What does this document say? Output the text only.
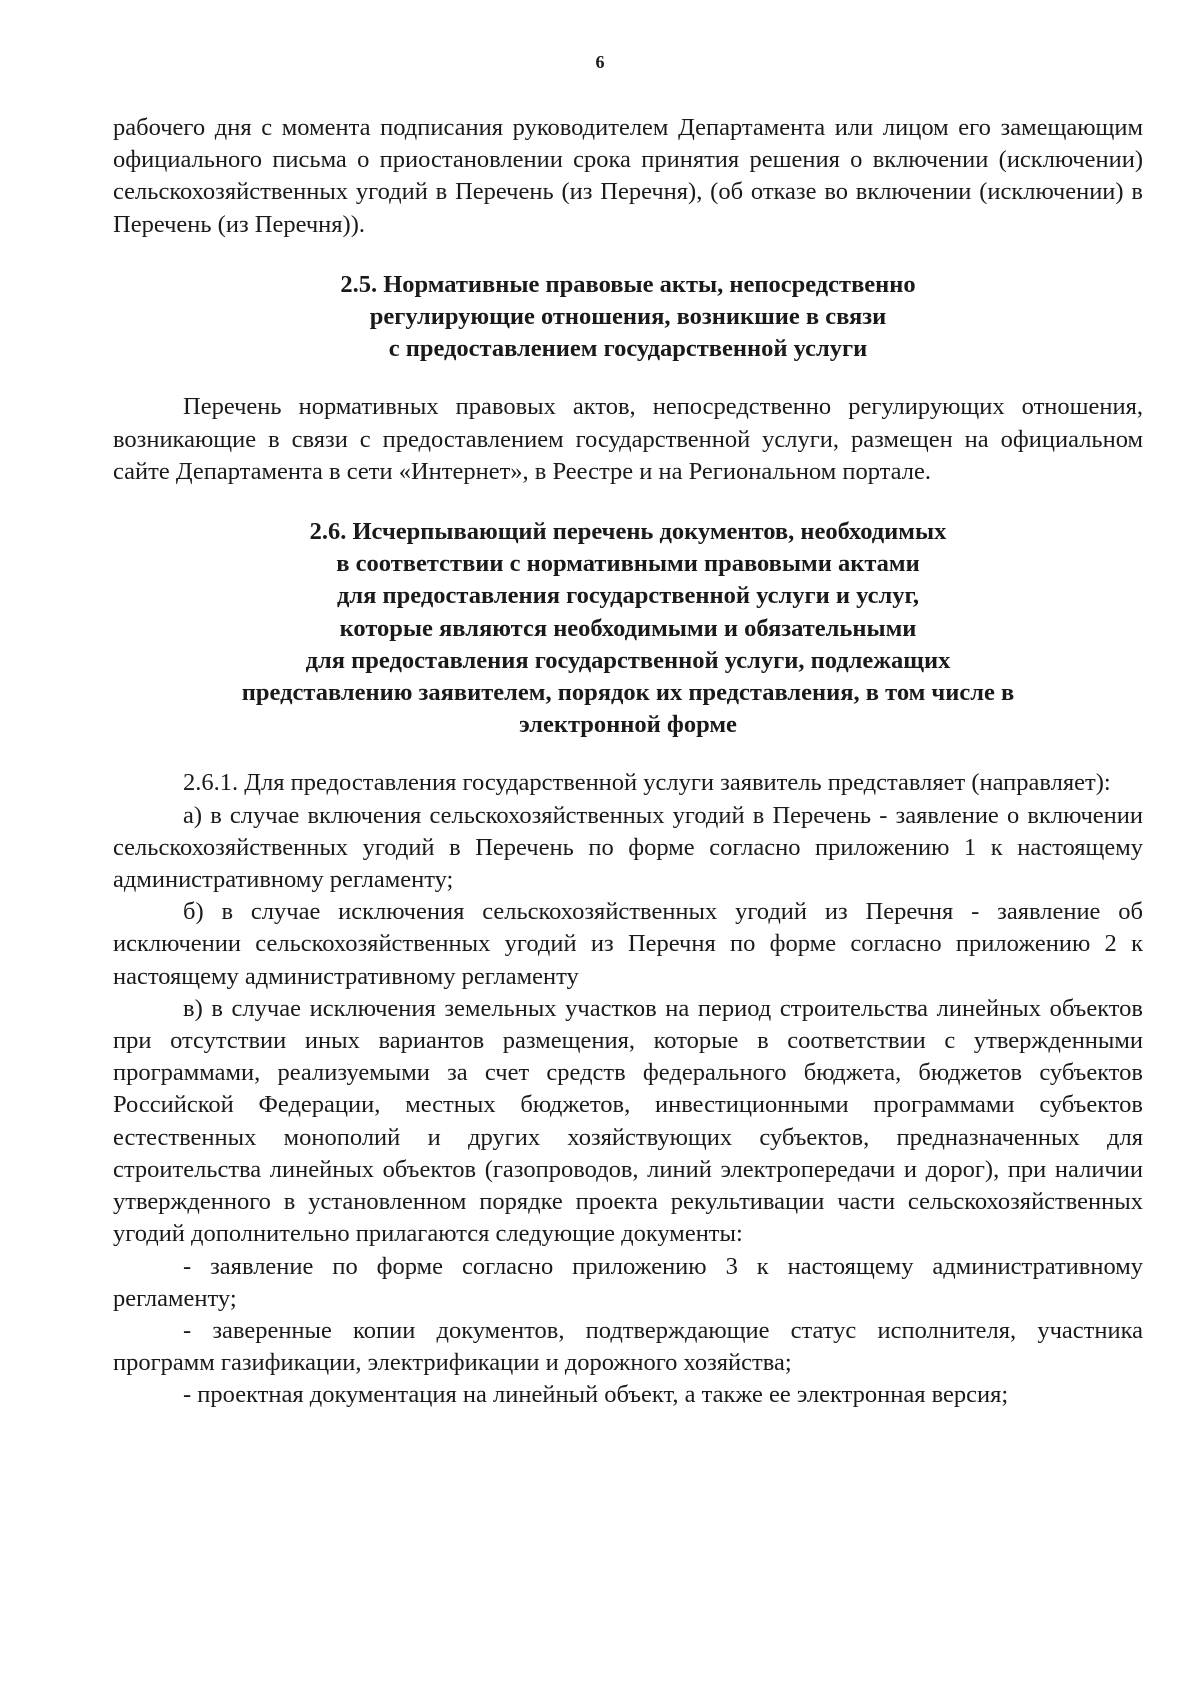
6

рабочего дня с момента подписания руководителем Департамента или лицом его замещающим официального письма о приостановлении срока принятия решения о включении (исключении) сельскохозяйственных угодий в Перечень (из Перечня), (об отказе во включении (исключении) в Перечень (из Перечня)).

2.5. Нормативные правовые акты, непосредственно
регулирующие отношения, возникшие в связи
с предоставлением государственной услуги

Перечень нормативных правовых актов, непосредственно регулирующих отношения, возникающие в связи с предоставлением государственной услуги, размещен на официальном сайте Департамента в сети «Интернет», в Реестре и на Региональном портале.

2.6. Исчерпывающий перечень документов, необходимых
в соответствии с нормативными правовыми актами
для предоставления государственной услуги и услуг,
которые являются необходимыми и обязательными
для предоставления государственной услуги, подлежащих
представлению заявителем, порядок их представления, в том числе в
электронной форме

2.6.1. Для предоставления государственной услуги заявитель представляет (направляет):

а) в случае включения сельскохозяйственных угодий в Перечень - заявление о включении сельскохозяйственных угодий в Перечень по форме согласно приложению 1 к настоящему административному регламенту;

б) в случае исключения сельскохозяйственных угодий из Перечня - заявление об исключении сельскохозяйственных угодий из Перечня по форме согласно приложению 2 к настоящему административному регламенту

в) в случае исключения земельных участков на период строительства линейных объектов при отсутствии иных вариантов размещения, которые в соответствии с утвержденными программами, реализуемыми за счет средств федерального бюджета, бюджетов субъектов Российской Федерации, местных бюджетов, инвестиционными программами субъектов естественных монополий и других хозяйствующих субъектов, предназначенных для строительства линейных объектов (газопроводов, линий электропередачи и дорог), при наличии утвержденного в установленном порядке проекта рекультивации части сельскохозяйственных угодий дополнительно прилагаются следующие документы:

- заявление по форме согласно приложению 3 к настоящему административному регламенту;

- заверенные копии документов, подтверждающие статус исполнителя, участника программ газификации, электрификации и дорожного хозяйства;

- проектная документация на линейный объект, а также ее электронная версия;
